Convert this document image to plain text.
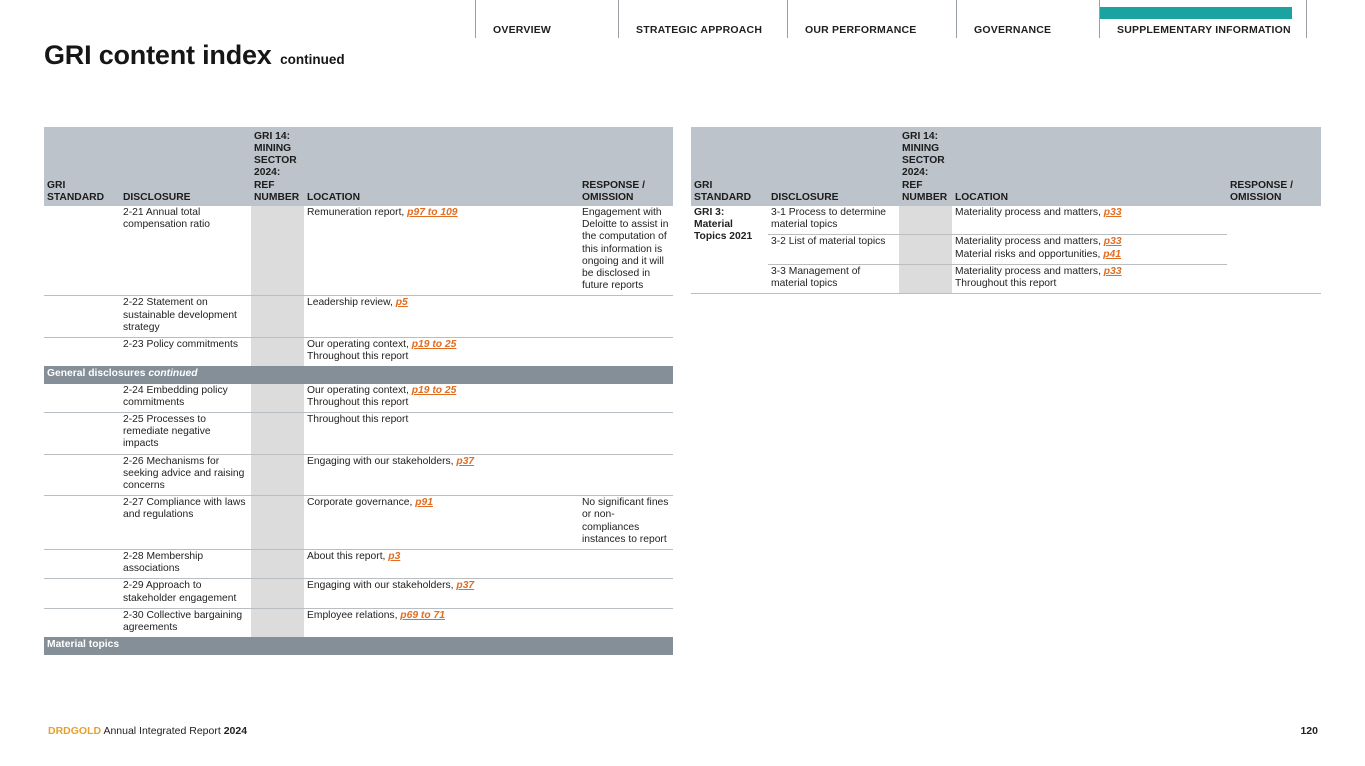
OVERVIEW	STRATEGIC APPROACH	OUR PERFORMANCE	GOVERNANCE	SUPPLEMENTARY INFORMATION
GRI content index continued
GRI STANDARD	DISCLOSURE	GRI 14: MINING SECTOR 2024: REF NUMBER	LOCATION	RESPONSE / OMISSION
	2-21 Annual total compensation ratio		Remuneration report, p97 to 109	Engagement with Deloitte to assist in the computation of this information is ongoing and it will be disclosed in future reports
	2-22 Statement on sustainable development strategy		Leadership review, p5	
	2-23 Policy commitments		Our operating context, p19 to 25
Throughout this report	
General disclosures continued				
	2-24 Embedding policy commitments		Our operating context, p19 to 25
Throughout this report	
	2-25 Processes to remediate negative impacts		Throughout this report	
	2-26 Mechanisms for seeking advice and raising concerns		Engaging with our stakeholders, p37	
	2-27 Compliance with laws and regulations		Corporate governance, p91	No significant fines or non-compliances instances to report
	2-28 Membership associations		About this report, p3	
	2-29 Approach to stakeholder engagement		Engaging with our stakeholders, p37	
	2-30 Collective bargaining agreements		Employee relations, p69 to 71	
Material topics				
GRI STANDARD	DISCLOSURE	GRI 14: MINING SECTOR 2024: REF NUMBER	LOCATION	RESPONSE / OMISSION
GRI 3: Material Topics 2021	3-1 Process to determine material topics		Materiality process and matters, p33	
	3-2 List of material topics		Materiality process and matters, p33
Material risks and opportunities, p41	
	3-3 Management of material topics		Materiality process and matters, p33
Throughout this report	
DRDGOLD Annual Integrated Report 2024	120
